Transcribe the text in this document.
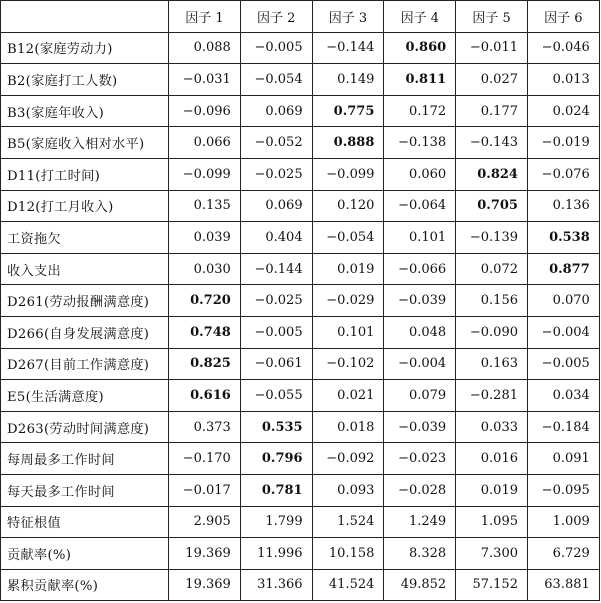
	因子 1	因子 2	因子 3	因子 4	因子 5	因子 6
B12(家庭劳动力)	0.088	−0.005	−0.144	0.860	−0.011	−0.046
B2(家庭打工人数)	−0.031	−0.054	0.149	0.811	0.027	0.013
B3(家庭年收入)	−0.096	0.069	0.775	0.172	0.177	0.024
B5(家庭收入相对水平)	0.066	−0.052	0.888	−0.138	−0.143	−0.019
D11(打工时间)	−0.099	−0.025	−0.099	0.060	0.824	−0.076
D12(打工月收入)	0.135	0.069	0.120	−0.064	0.705	0.136
工资拖欠	0.039	0.404	−0.054	0.101	−0.139	0.538
收入支出	0.030	−0.144	0.019	−0.066	0.072	0.877
D261(劳动报酬满意度)	0.720	−0.025	−0.029	−0.039	0.156	0.070
D266(自身发展满意度)	0.748	−0.005	0.101	0.048	−0.090	−0.004
D267(目前工作满意度)	0.825	−0.061	−0.102	−0.004	0.163	−0.005
E5(生活满意度)	0.616	−0.055	0.021	0.079	−0.281	0.034
D263(劳动时间满意度)	0.373	0.535	0.018	−0.039	0.033	−0.184
每周最多工作时间	−0.170	0.796	−0.092	−0.023	0.016	0.091
每天最多工作时间	−0.017	0.781	0.093	−0.028	0.019	−0.095
特征根值	2.905	1.799	1.524	1.249	1.095	1.009
贡献率(%)	19.369	11.996	10.158	8.328	7.300	6.729
累积贡献率(%)	19.369	31.366	41.524	49.852	57.152	63.881
